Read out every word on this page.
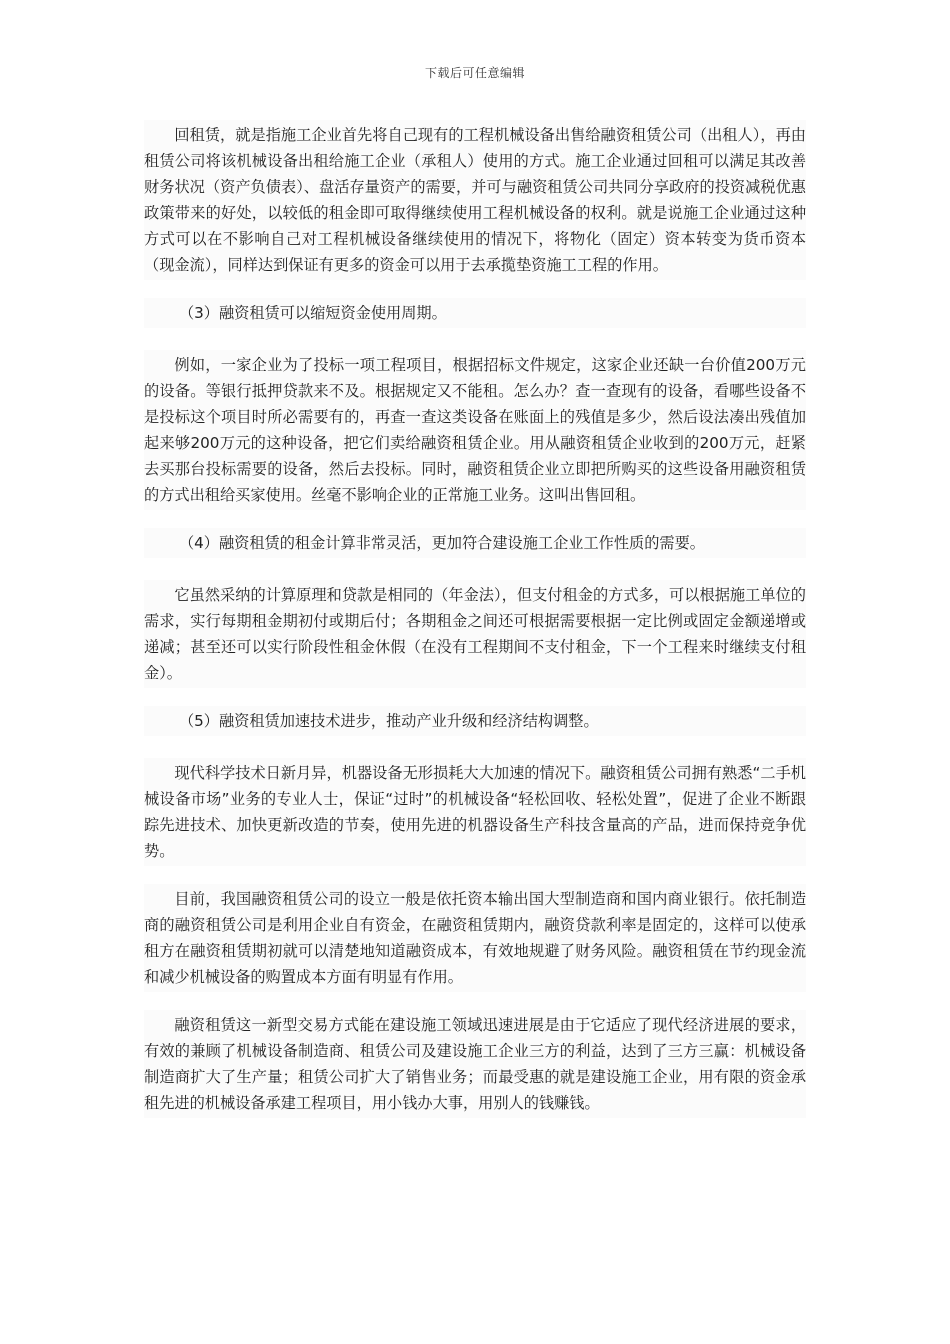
下载后可任意编辑

回租赁，就是指施工企业首先将自己现有的工程机械设备出售给融资租赁公司（出租人），再由租赁公司将该机械设备出租给施工企业（承租人）使用的方式。施工企业通过回租可以满足其改善财务状况（资产负债表）、盘活存量资产的需要，并可与融资租赁公司共同分享政府的投资减税优惠政策带来的好处，以较低的租金即可取得继续使用工程机械设备的权利。就是说施工企业通过这种方式可以在不影响自己对工程机械设备继续使用的情况下，将物化（固定）资本转变为货币资本（现金流），同样达到保证有更多的资金可以用于去承揽垫资施工工程的作用。

（3）融资租赁可以缩短资金使用周期。

例如，一家企业为了投标一项工程项目，根据招标文件规定，这家企业还缺一台价值200万元的设备。等银行抵押贷款来不及。根据规定又不能租。怎么办？查一查现有的设备，看哪些设备不是投标这个项目时所必需要有的，再查一查这类设备在账面上的残值是多少，然后设法凑出残值加起来够200万元的这种设备，把它们卖给融资租赁企业。用从融资租赁企业收到的200万元，赶紧去买那台投标需要的设备，然后去投标。同时，融资租赁企业立即把所购买的这些设备用融资租赁的方式出租给买家使用。丝毫不影响企业的正常施工业务。这叫出售回租。

（4）融资租赁的租金计算非常灵活，更加符合建设施工企业工作性质的需要。

它虽然采纳的计算原理和贷款是相同的（年金法），但支付租金的方式多，可以根据施工单位的需求，实行每期租金期初付或期后付；各期租金之间还可根据需要根据一定比例或固定金额递增或递减；甚至还可以实行阶段性租金休假（在没有工程期间不支付租金，下一个工程来时继续支付租金）。

（5）融资租赁加速技术进步，推动产业升级和经济结构调整。

现代科学技术日新月异，机器设备无形损耗大大加速的情况下。融资租赁公司拥有熟悉“二手机械设备市场”业务的专业人士，保证“过时”的机械设备“轻松回收、轻松处置”，促进了企业不断跟踪先进技术、加快更新改造的节奏，使用先进的机器设备生产科技含量高的产品，进而保持竞争优势。

目前，我国融资租赁公司的设立一般是依托资本输出国大型制造商和国内商业银行。依托制造商的融资租赁公司是利用企业自有资金，在融资租赁期内，融资贷款利率是固定的，这样可以使承租方在融资租赁期初就可以清楚地知道融资成本，有效地规避了财务风险。融资租赁在节约现金流和减少机械设备的购置成本方面有明显有作用。

融资租赁这一新型交易方式能在建设施工领域迅速进展是由于它适应了现代经济进展的要求，有效的兼顾了机械设备制造商、租赁公司及建设施工企业三方的利益，达到了三方三赢：机械设备制造商扩大了生产量；租赁公司扩大了销售业务；而最受惠的就是建设施工企业，用有限的资金承租先进的机械设备承建工程项目，用小钱办大事，用别人的钱赚钱。
